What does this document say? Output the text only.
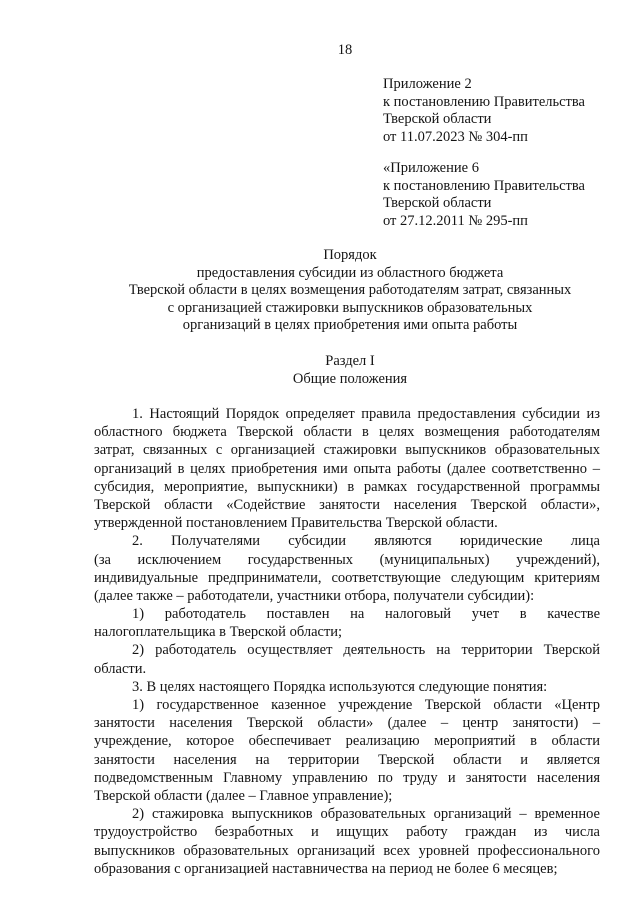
18
Приложение 2
к постановлению Правительства
Тверской области
от 11.07.2023 № 304-пп
«Приложение 6
к постановлению Правительства
Тверской области
от 27.12.2011 № 295-пп
Порядок
предоставления субсидии из областного бюджета
Тверской области в целях возмещения работодателям затрат, связанных
с организацией стажировки выпускников образовательных
организаций в целях приобретения ими опыта работы
Раздел I
Общие положения
1. Настоящий Порядок определяет правила предоставления субсидии из
областного бюджета Тверской области в целях возмещения работодателям
затрат, связанных с организацией стажировки выпускников образовательных
организаций в целях приобретения ими опыта работы (далее соответственно –
субсидия, мероприятие, выпускники) в рамках государственной программы
Тверской области «Содействие занятости населения Тверской области»,
утвержденной постановлением Правительства Тверской области.
2. Получателями субсидии являются юридические лица
(за исключением государственных (муниципальных) учреждений),
индивидуальные предприниматели, соответствующие следующим критериям
(далее также – работодатели, участники отбора, получатели субсидии):
1) работодатель поставлен на налоговый учет в качестве
налогоплательщика в Тверской области;
2) работодатель осуществляет деятельность на территории Тверской
области.
3. В целях настоящего Порядка используются следующие понятия:
1) государственное казенное учреждение Тверской области «Центр
занятости населения Тверской области» (далее – центр занятости) –
учреждение, которое обеспечивает реализацию мероприятий в области
занятости населения на территории Тверской области и является
подведомственным Главному управлению по труду и занятости населения
Тверской области (далее – Главное управление);
2) стажировка выпускников образовательных организаций – временное
трудоустройство безработных и ищущих работу граждан из числа
выпускников образовательных организаций всех уровней профессионального
образования с организацией наставничества на период не более 6 месяцев;
